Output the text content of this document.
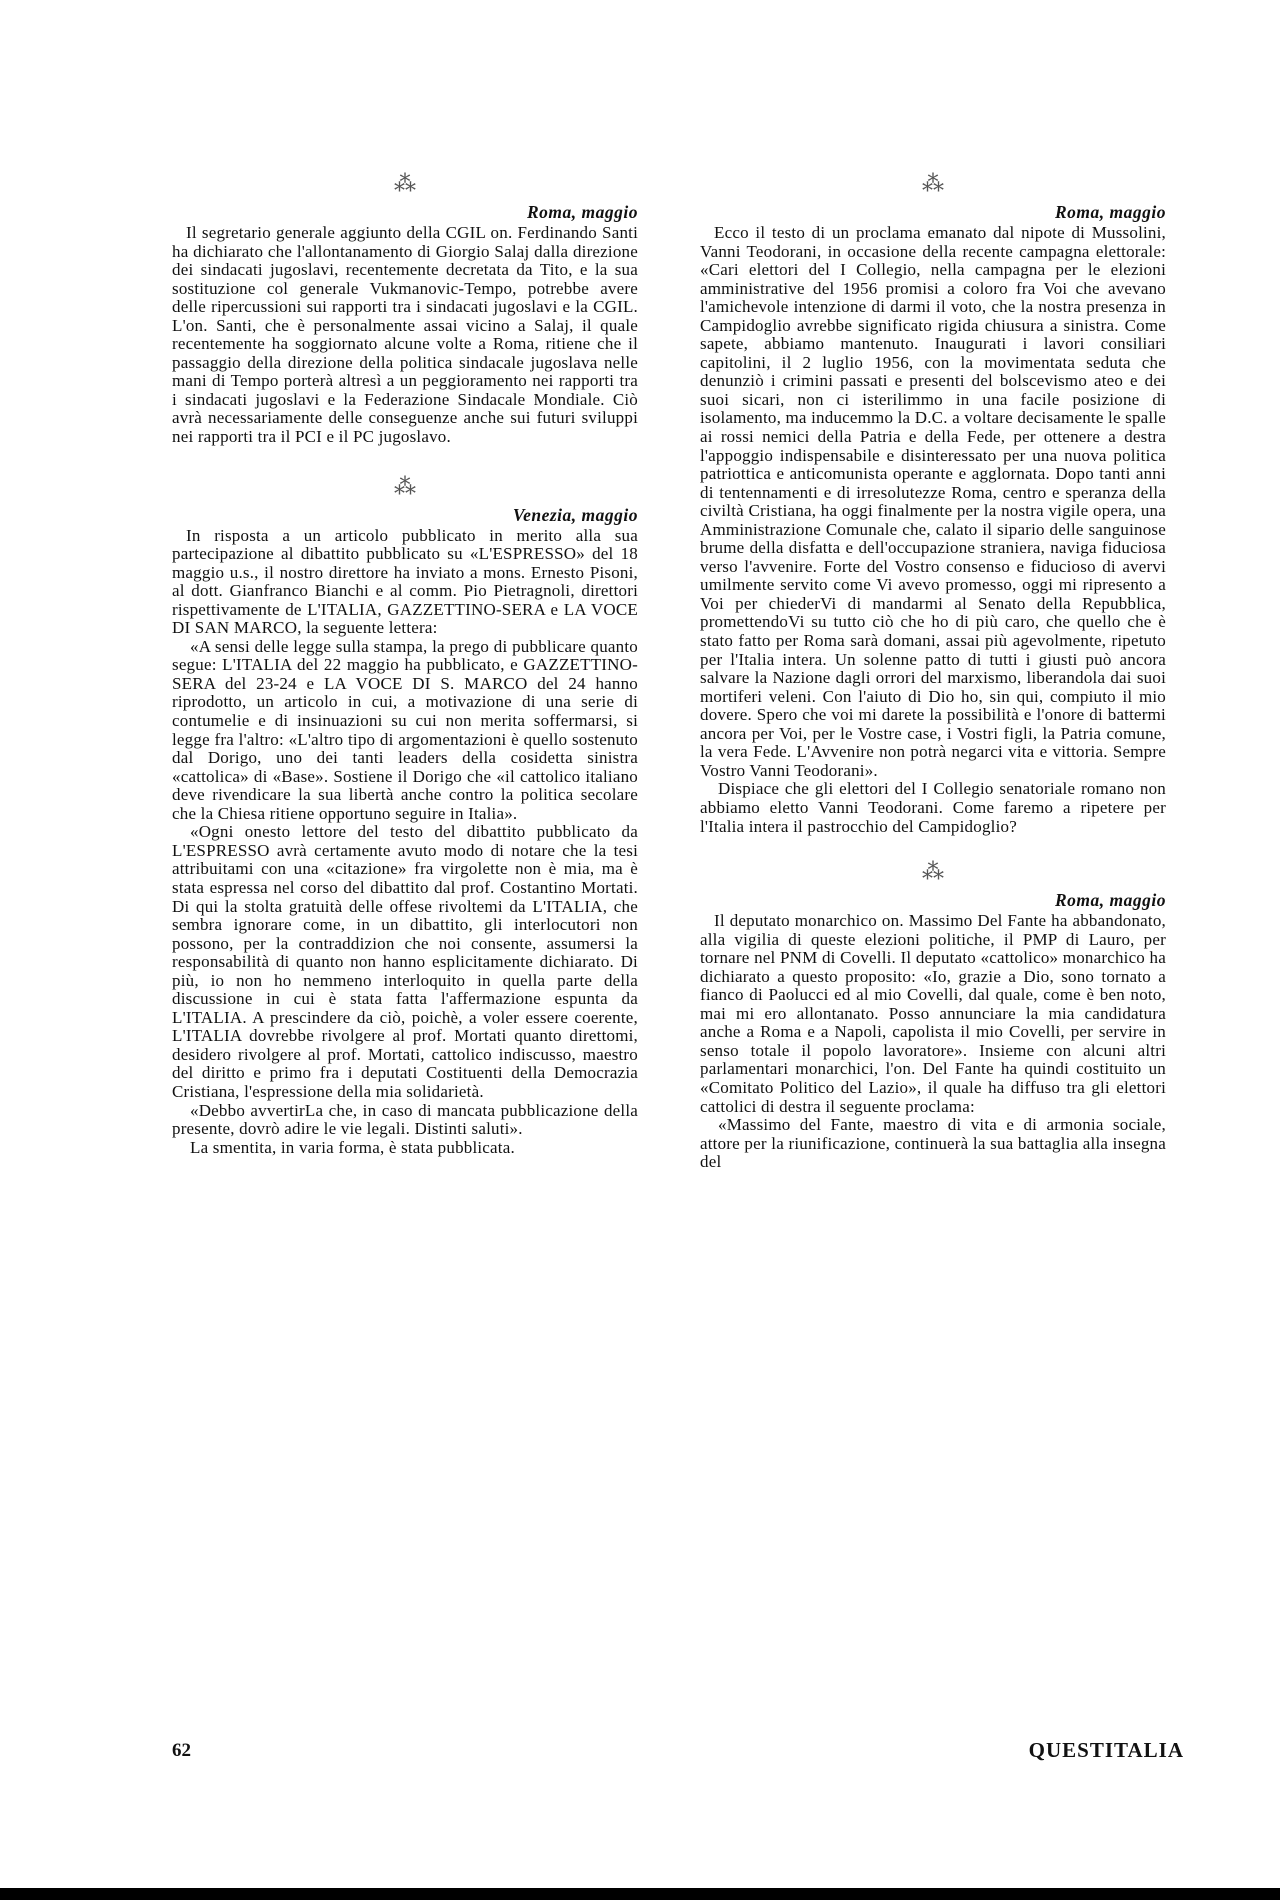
⁂
Roma, maggio

Il segretario generale aggiunto della CGIL on. Ferdinando Santi ha dichiarato che l'allontanamento di Giorgio Salaj dalla direzione dei sindacati jugoslavi, recentemente decretata da Tito, e la sua sostituzione col generale Vukmanovic-Tempo, potrebbe avere delle ripercussioni sui rapporti tra i sindacati jugoslavi e la CGIL. L'on. Santi, che è personalmente assai vicino a Salaj, il quale recentemente ha soggiornato alcune volte a Roma, ritiene che il passaggio della direzione della politica sindacale jugoslava nelle mani di Tempo porterà altresì a un peggioramento nei rapporti tra i sindacati jugoslavi e la Federazione Sindacale Mondiale. Ciò avrà necessariamente delle conseguenze anche sui futuri sviluppi nei rapporti tra il PCI e il PC jugoslavo.

⁂
Venezia, maggio

In risposta a un articolo pubblicato in merito alla sua partecipazione al dibattito pubblicato su «L'ESPRESSO» del 18 maggio u.s., il nostro direttore ha inviato a mons. Ernesto Pisoni, al dott. Gianfranco Bianchi e al comm. Pio Pietragnoli, direttori rispettivamente de L'ITALIA, GAZZETTINO-SERA e LA VOCE DI SAN MARCO, la seguente lettera:

«A sensi delle legge sulla stampa, la prego di pubblicare quanto segue: L'ITALIA del 22 maggio ha pubblicato, e GAZZETTINO-SERA del 23-24 e LA VOCE DI S. MARCO del 24 hanno riprodotto, un articolo in cui, a motivazione di una serie di contumelie e di insinuazioni su cui non merita soffermarsi, si legge fra l'altro: «L'altro tipo di argomentazioni è quello sostenuto dal Dorigo, uno dei tanti leaders della cosidetta sinistra «cattolica» di «Base». Sostiene il Dorigo che «il cattolico italiano deve rivendicare la sua libertà anche contro la politica secolare che la Chiesa ritiene opportuno seguire in Italia».

«Ogni onesto lettore del testo del dibattito pubblicato da L'ESPRESSO avrà certamente avuto modo di notare che la tesi attribuitami con una «citazione» fra virgolette non è mia, ma è stata espressa nel corso del dibattito dal prof. Costantino Mortati. Di qui la stolta gratuità delle offese rivoltemi da L'ITALIA, che sembra ignorare come, in un dibattito, gli interlocutori non possono, per la contraddizion che noi consente, assumersi la responsabilità di quanto non hanno esplicitamente dichiarato. Di più, io non ho nemmeno interloquito in quella parte della discussione in cui è stata fatta l'affermazione espunta da L'ITALIA. A prescindere da ciò, poichè, a voler essere coerente, L'ITALIA dovrebbe rivolgere al prof. Mortati quanto direttomi, desidero rivolgere al prof. Mortati, cattolico indiscusso, maestro del diritto e primo fra i deputati Costituenti della Democrazia Cristiana, l'espressione della mia solidarietà.

«Debbo avvertirLa che, in caso di mancata pubblicazione della presente, dovrò adire le vie legali. Distinti saluti».

La smentita, in varia forma, è stata pubblicata.

⁂
Roma, maggio

Ecco il testo di un proclama emanato dal nipote di Mussolini, Vanni Teodorani, in occasione della recente campagna elettorale: «Cari elettori del I Collegio, nella campagna per le elezioni amministrative del 1956 promisi a coloro fra Voi che avevano l'amichevole intenzione di darmi il voto, che la nostra presenza in Campidoglio avrebbe significato rigida chiusura a sinistra. Come sapete, abbiamo mantenuto. Inaugurati i lavori consiliari capitolini, il 2 luglio 1956, con la movimentata seduta che denunziò i crimini passati e presenti del bolscevismo ateo e dei suoi sicari, non ci isterilimmo in una facile posizione di isolamento, ma inducemmo la D.C. a voltare decisamente le spalle ai rossi nemici della Patria e della Fede, per ottenere a destra l'appoggio indispensabile e disinteressato per una nuova politica patriottica e anticomunista operante e agglornata. Dopo tanti anni di tentennamenti e di irresolutezze Roma, centro e speranza della civiltà Cristiana, ha oggi finalmente per la nostra vigile opera, una Amministrazione Comunale che, calato il sipario delle sanguinose brume della disfatta e dell'occupazione straniera, naviga fiduciosa verso l'avvenire. Forte del Vostro consenso e fiducioso di avervi umilmente servito come Vi avevo promesso, oggi mi ripresento a Voi per chiederVi di mandarmi al Senato della Repubblica, promettendoVi su tutto ciò che ho di più caro, che quello che è stato fatto per Roma sarà domani, assai più agevolmente, ripetuto per l'Italia intera. Un solenne patto di tutti i giusti può ancora salvare la Nazione dagli orrori del marxismo, liberandola dai suoi mortiferi veleni. Con l'aiuto di Dio ho, sin qui, compiuto il mio dovere. Spero che voi mi darete la possibilità e l'onore di battermi ancora per Voi, per le Vostre case, i Vostri figli, la Patria comune, la vera Fede. L'Avvenire non potrà negarci vita e vittoria. Sempre Vostro Vanni Teodorani».

Dispiace che gli elettori del I Collegio senatoriale romano non abbiamo eletto Vanni Teodorani. Come faremo a ripetere per l'Italia intera il pastrocchio del Campidoglio?

⁂
Roma, maggio

Il deputato monarchico on. Massimo Del Fante ha abbandonato, alla vigilia di queste elezioni politiche, il PMP di Lauro, per tornare nel PNM di Covelli. Il deputato «cattolico» monarchico ha dichiarato a questo proposito: «Io, grazie a Dio, sono tornato a fianco di Paolucci ed al mio Covelli, dal quale, come è ben noto, mai mi ero allontanato. Posso annunciare la mia candidatura anche a Roma e a Napoli, capolista il mio Covelli, per servire in senso totale il popolo lavoratore». Insieme con alcuni altri parlamentari monarchici, l'on. Del Fante ha quindi costituito un «Comitato Politico del Lazio», il quale ha diffuso tra gli elettori cattolici di destra il seguente proclama:

«Massimo del Fante, maestro di vita e di armonia sociale, attore per la riunificazione, continuerà la sua battaglia alla insegna del

62	QUESTITALIA
